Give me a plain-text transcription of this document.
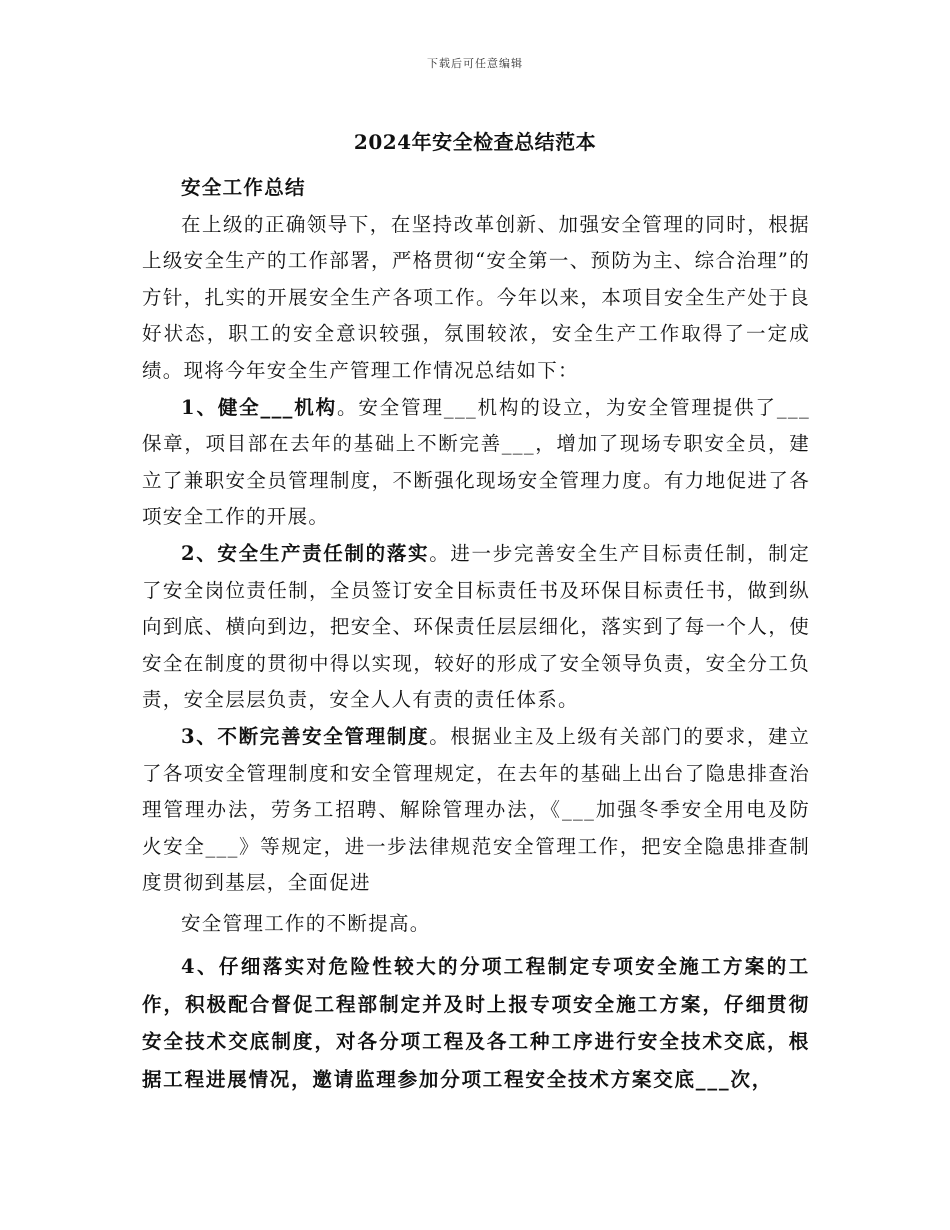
下载后可任意编辑
2024年安全检查总结范本

安全工作总结

在上级的正确领导下，在坚持改革创新、加强安全管理的同时，根据上级安全生产的工作部署，严格贯彻“安全第一、预防为主、综合治理”的方针，扎实的开展安全生产各项工作。今年以来，本项目安全生产处于良好状态，职工的安全意识较强，氛围较浓，安全生产工作取得了一定成绩。现将今年安全生产管理工作情况总结如下：

1、健全___机构。安全管理___机构的设立，为安全管理提供了___保章，项目部在去年的基础上不断完善___，增加了现场专职安全员，建立了兼职安全员管理制度，不断强化现场安全管理力度。有力地促进了各项安全工作的开展。

2、安全生产责任制的落实。进一步完善安全生产目标责任制，制定了安全岗位责任制，全员签订安全目标责任书及环保目标责任书，做到纵向到底、横向到边，把安全、环保责任层层细化，落实到了每一个人，使安全在制度的贯彻中得以实现，较好的形成了安全领导负责，安全分工负责，安全层层负责，安全人人有责的责任体系。

3、不断完善安全管理制度。根据业主及上级有关部门的要求，建立了各项安全管理制度和安全管理规定，在去年的基础上出台了隐患排查治理管理办法，劳务工招聘、解除管理办法，《___加强冬季安全用电及防火安全___》等规定，进一步法律规范安全管理工作，把安全隐患排查制度贯彻到基层，全面促进

安全管理工作的不断提高。

4、仔细落实对危险性较大的分项工程制定专项安全施工方案的工作，积极配合督促工程部制定并及时上报专项安全施工方案，仔细贯彻安全技术交底制度，对各分项工程及各工种工序进行安全技术交底，根据工程进展情况，邀请监理参加分项工程安全技术方案交底___次，
